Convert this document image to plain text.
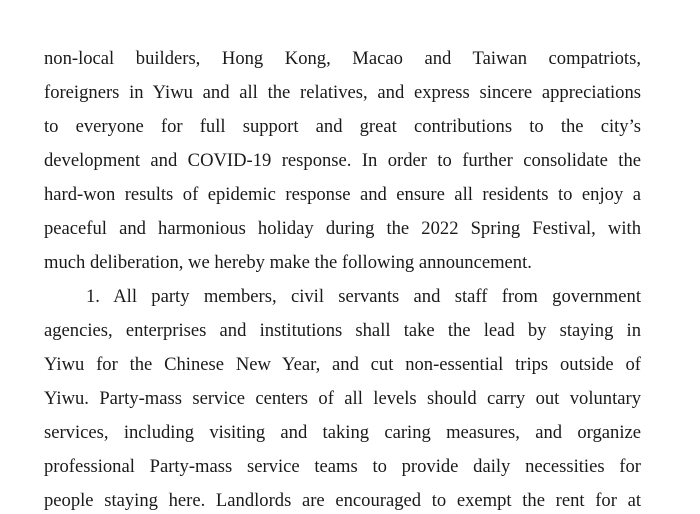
non-local builders, Hong Kong, Macao and Taiwan compatriots,
foreigners in Yiwu and all the relatives, and express sincere appreciations
to everyone for full support and great contributions to the city’s
development and COVID-19 response. In order to further consolidate the
hard-won results of epidemic response and ensure all residents to enjoy a
peaceful and harmonious holiday during the 2022 Spring Festival, with
much deliberation, we hereby make the following announcement.
1. All party members, civil servants and staff from government
agencies, enterprises and institutions shall take the lead by staying in
Yiwu for the Chinese New Year, and cut non-essential trips outside of
Yiwu. Party-mass service centers of all levels should carry out voluntary
services, including visiting and taking caring measures, and organize
professional Party-mass service teams to provide daily necessities for
people staying here. Landlords are encouraged to exempt the rent for at
